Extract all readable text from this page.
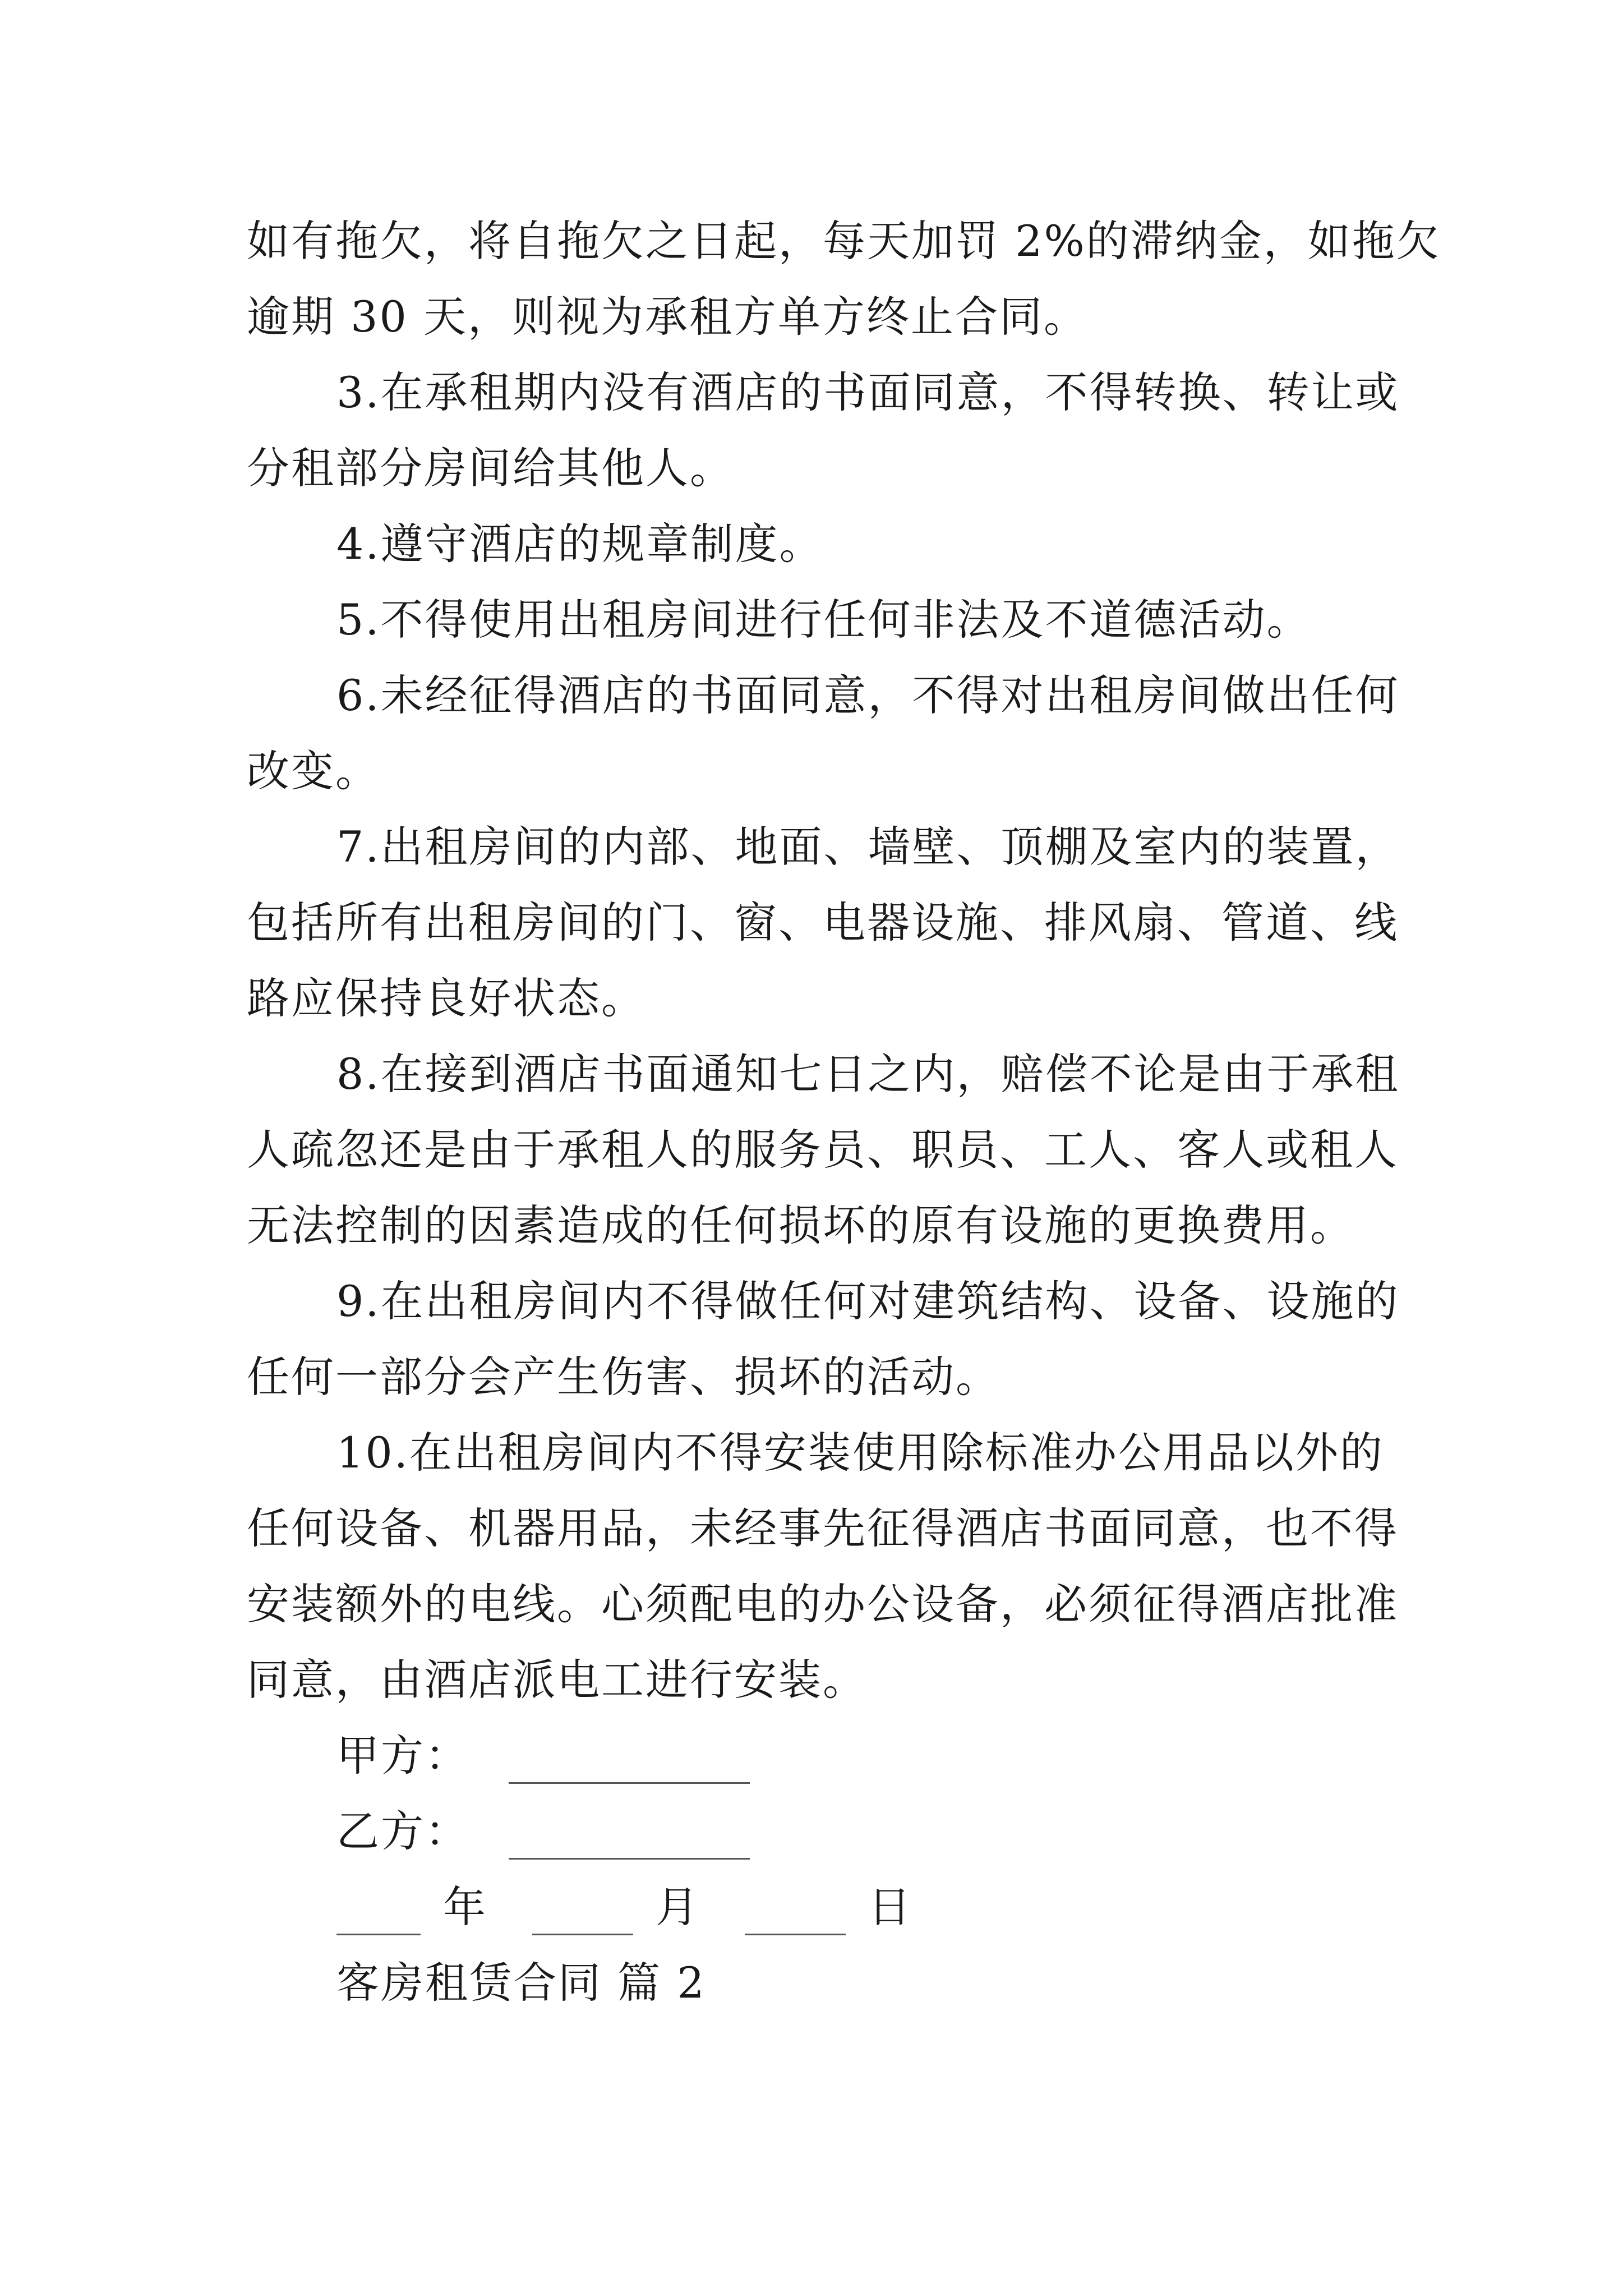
如有拖欠，将自拖欠之日起，每天加罚 2%的滞纳金，如拖欠
逾期 30 天，则视为承租方单方终止合同。
3.在承租期内没有酒店的书面同意，不得转换、转让或
分租部分房间给其他人。
4.遵守酒店的规章制度。
5.不得使用出租房间进行任何非法及不道德活动。
6.未经征得酒店的书面同意，不得对出租房间做出任何
改变。
7.出租房间的内部、地面、墙壁、顶棚及室内的装置，
包括所有出租房间的门、窗、电器设施、排风扇、管道、线
路应保持良好状态。
8.在接到酒店书面通知七日之内，赔偿不论是由于承租
人疏忽还是由于承租人的服务员、职员、工人、客人或租人
无法控制的因素造成的任何损坏的原有设施的更换费用。
9.在出租房间内不得做任何对建筑结构、设备、设施的
任何一部分会产生伤害、损坏的活动。
10.在出租房间内不得安装使用除标准办公用品以外的
任何设备、机器用品，未经事先征得酒店书面同意，也不得
安装额外的电线。心须配电的办公设备，必须征得酒店批准
同意，由酒店派电工进行安装。
甲方：
乙方：
年	月	日
客房租赁合同 篇 2
